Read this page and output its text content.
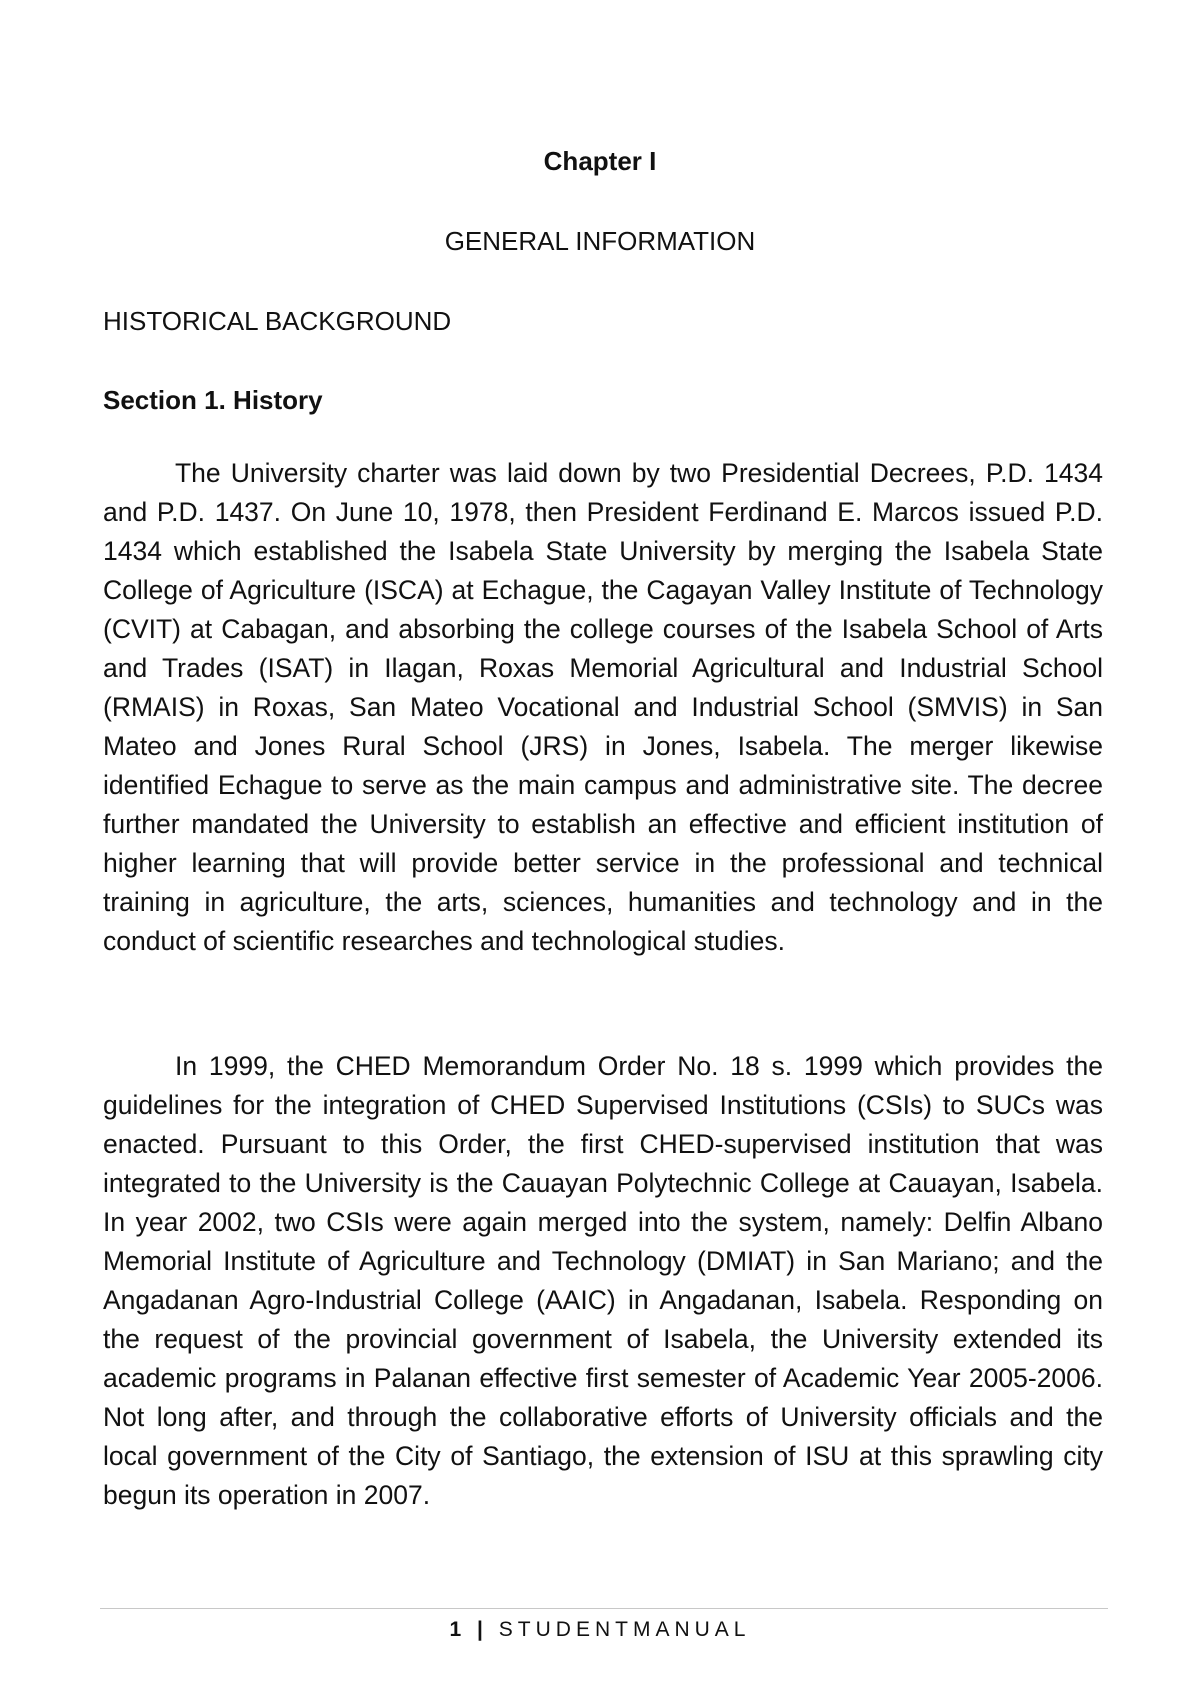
Chapter I
GENERAL INFORMATION
HISTORICAL BACKGROUND
Section 1. History

The University charter was laid down by two Presidential Decrees, P.D. 1434 and P.D. 1437. On June 10, 1978, then President Ferdinand E. Marcos issued P.D. 1434 which established the Isabela State University by merging the Isabela State College of Agriculture (ISCA) at Echague, the Cagayan Valley Institute of Technology (CVIT) at Cabagan, and absorbing the college courses of the Isabela School of Arts and Trades (ISAT) in Ilagan, Roxas Memorial Agricultural and Industrial School (RMAIS) in Roxas, San Mateo Vocational and Industrial School (SMVIS) in San Mateo and Jones Rural School (JRS) in Jones, Isabela. The merger likewise identified Echague to serve as the main campus and administrative site. The decree further mandated the University to establish an effective and efficient institution of higher learning that will provide better service in the professional and technical training in agriculture, the arts, sciences, humanities and technology and in the conduct of scientific researches and technological studies.

In 1999, the CHED Memorandum Order No. 18 s. 1999 which provides the guidelines for the integration of CHED Supervised Institutions (CSIs) to SUCs was enacted. Pursuant to this Order, the first CHED-supervised institution that was integrated to the University is the Cauayan Polytechnic College at Cauayan, Isabela. In year 2002, two CSIs were again merged into the system, namely: Delfin Albano Memorial Institute of Agriculture and Technology (DMIAT) in San Mariano; and the Angadanan Agro-Industrial College (AAIC) in Angadanan, Isabela. Responding on the request of the provincial government of Isabela, the University extended its academic programs in Palanan effective first semester of Academic Year 2005-2006. Not long after, and through the collaborative efforts of University officials and the local government of the City of Santiago, the extension of ISU at this sprawling city begun its operation in 2007.

1 | STUDENTMANUAL
